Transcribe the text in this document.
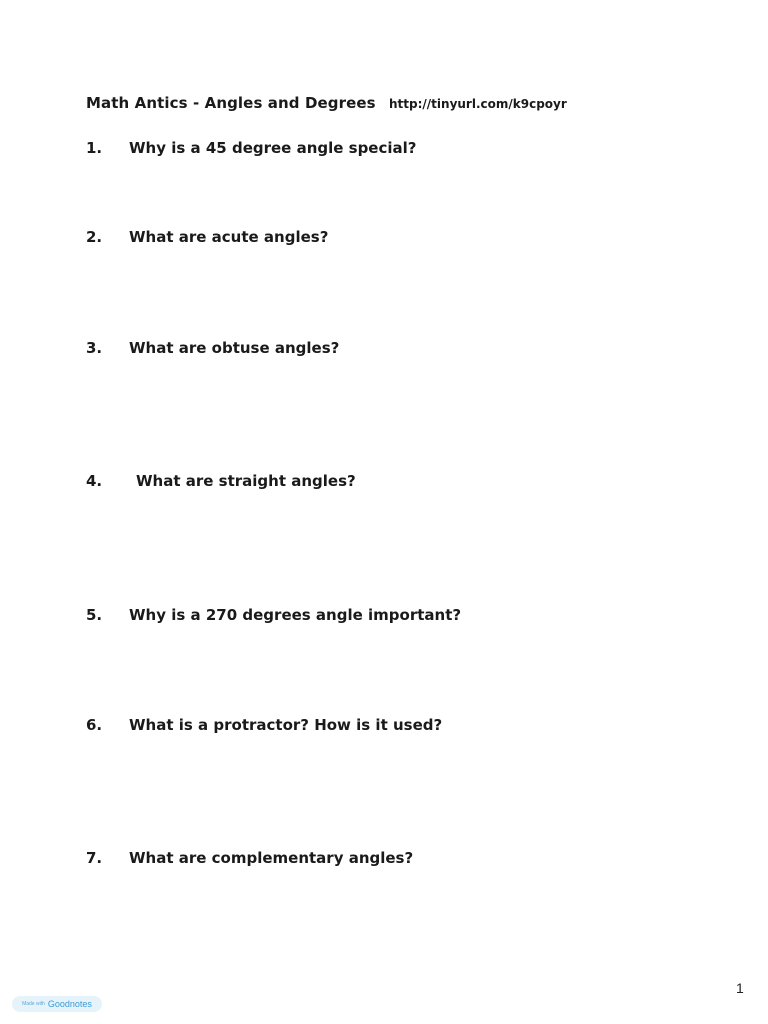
Math Antics - Angles and Degrees http://tinyurl.com/k9cpoyr
1. Why is a 45 degree angle special?
2. What are acute angles?
3. What are obtuse angles?
4. What are straight angles?
5. Why is a 270 degrees angle important?
6. What is a protractor? How is it used?
7. What are complementary angles?
1
Made with Goodnotes
